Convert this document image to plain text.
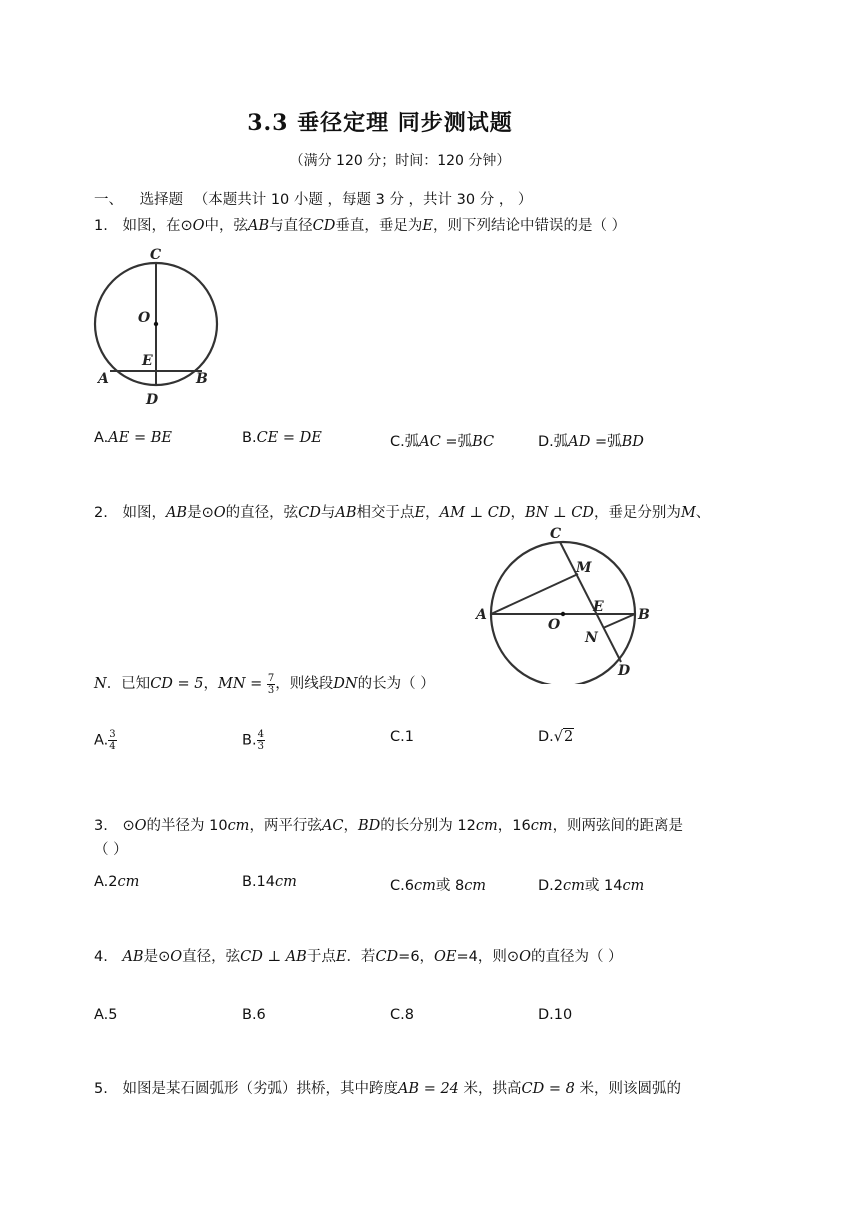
3.3 垂径定理 同步测试题
（满分 120 分；时间：120 分钟）
一、 选择题 （本题共计 10 小题 ，每题 3 分 ，共计 30 分 ， ）
1. 如图，在⊙O中，弦AB与直径CD垂直，垂足为E，则下列结论中错误的是（ ）
C
O
E
A	B
D
A.AE = BE	B.CE = DE	C.弧AC =弧BC	D.弧AD =弧BD
2. 如图，AB是⊙O的直径，弦CD与AB相交于点E，AM ⊥ CD，BN ⊥ CD，垂足分别为M、
C
M
A	E B
O
N
D
N．已知CD = 5，MN = $\frac{7}{3}$ ，则线段DN的长为（ ）
A. $\frac{3}{4}$	B. $\frac{4}{3}$	C.1	D.√2
3. ⊙O的半径为 10cm，两平行弦AC，BD的长分别为 12cm，16cm，则两弦间的距离是
（ ）
A.2cm	B.14cm	C.6cm或 8cm	D.2cm或 14cm
4. AB是⊙O直径，弦CD ⊥ AB于点E．若CD=6，OE=4，则⊙O的直径为（ ）
A.5	B.6	C.8	D.10
5. 如图是某石圆弧形（劣弧）拱桥，其中跨度AB = 24 米，拱高CD = 8 米，则该圆弧的
